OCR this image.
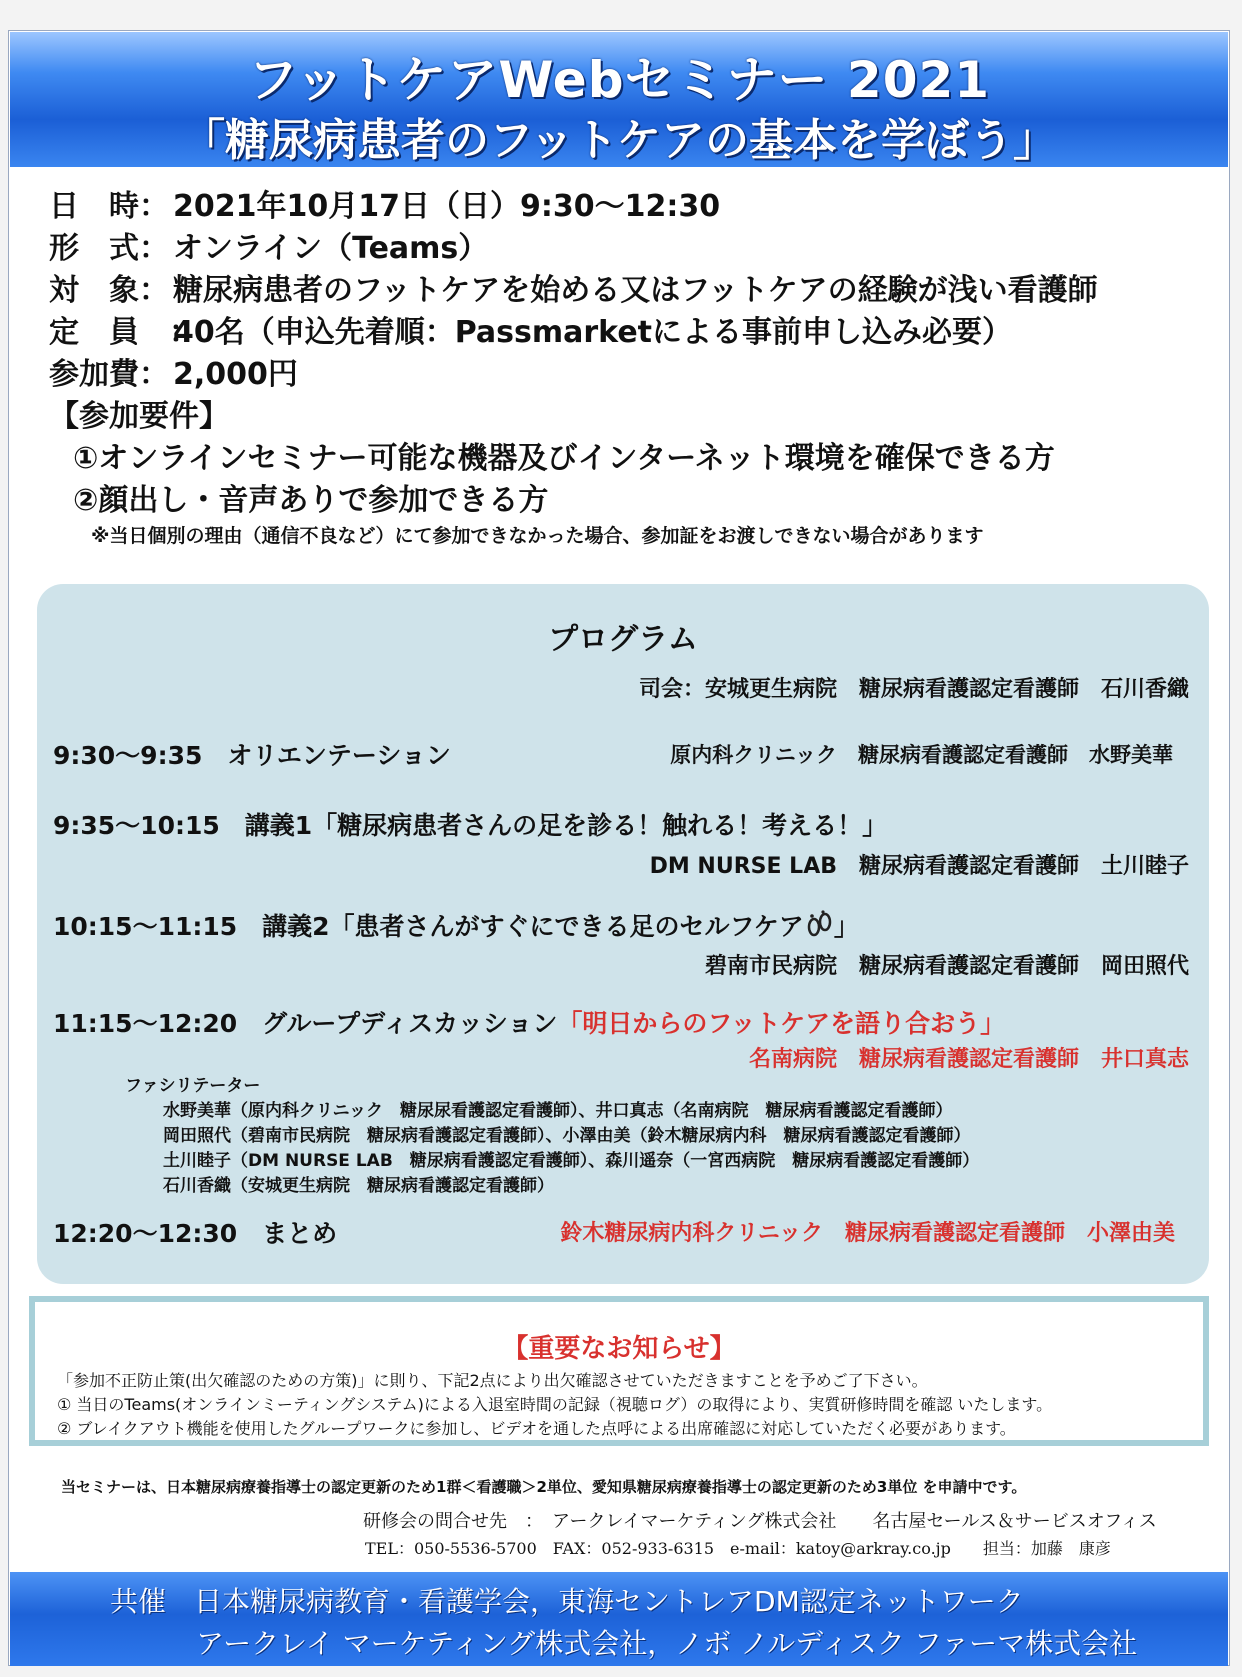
フットケアWebセミナー 2021
「糖尿病患者のフットケアの基本を学ぼう」
日　時： 2021年10月17日（日）9:30〜12:30
形　式： オンライン（Teams）
対　象： 糖尿病患者のフットケアを始める又はフットケアの経験が浅い看護師
定　員　：40名（申込先着順：Passmarketによる事前申し込み必要）
参加費： 2,000円
【参加要件】
①オンラインセミナー可能な機器及びインターネット環境を確保できる方
②顔出し・音声ありで参加できる方
※当日個別の理由（通信不良など）にて参加できなかった場合、参加証をお渡しできない場合があります
プログラム
司会：安城更生病院　糖尿病看護認定看護師　石川香織
9:30〜9:35　オリエンテーション	原内科クリニック　糖尿病看護認定看護師　水野美華
9:35〜10:15　講義1「糖尿病患者さんの足を診る！触れる！考える！」
DM NURSE LAB　糖尿病看護認定看護師　土川睦子
10:15〜11:15　講義2「患者さんがすぐにできる足のセルフケア 」
碧南市民病院　糖尿病看護認定看護師　岡田照代
11:15〜12:20　グループディスカッション「明日からのフットケアを語り合おう」
名南病院　糖尿病看護認定看護師　井口真志
ファシリテーター
水野美華（原内科クリニック　糖尿尿看護認定看護師）、井口真志（名南病院　糖尿病看護認定看護師）
岡田照代（碧南市民病院　糖尿病看護認定看護師）、小澤由美（鈴木糖尿病内科　糖尿病看護認定看護師）
土川睦子（DM NURSE LAB　糖尿病看護認定看護師）、森川遥奈（一宮西病院　糖尿病看護認定看護師）
石川香織（安城更生病院　糖尿病看護認定看護師）
12:20〜12:30　まとめ	鈴木糖尿病内科クリニック　糖尿病看護認定看護師　小澤由美
【重要なお知らせ】
「参加不正防止策(出欠確認のための方策)」に則り、下記2点により出欠確認させていただきますことを予めご了下さい。
① 当日のTeams(オンラインミーティングシステム)による入退室時間の記録（視聴ログ）の取得により、実質研修時間を確認 いたします。
② ブレイクアウト機能を使用したグループワークに参加し、ビデオを通した点呼による出席確認に対応していただく必要があります。
当セミナーは、日本糖尿病療養指導士の認定更新のため1群＜看護職＞2単位、愛知県糖尿病療養指導士の認定更新のため3単位 を申請中です。
研修会の問合せ先　：　アークレイマーケティング株式会社　　名古屋セールス＆サービスオフィス
TEL：050-5536-5700　FAX：052-933-6315　e-mail：katoy@arkray.co.jp　　担当：加藤　康彦
共催　日本糖尿病教育・看護学会，東海セントレアDM認定ネットワーク
アークレイ マーケティング株式会社，ノボ ノルディスク ファーマ株式会社
